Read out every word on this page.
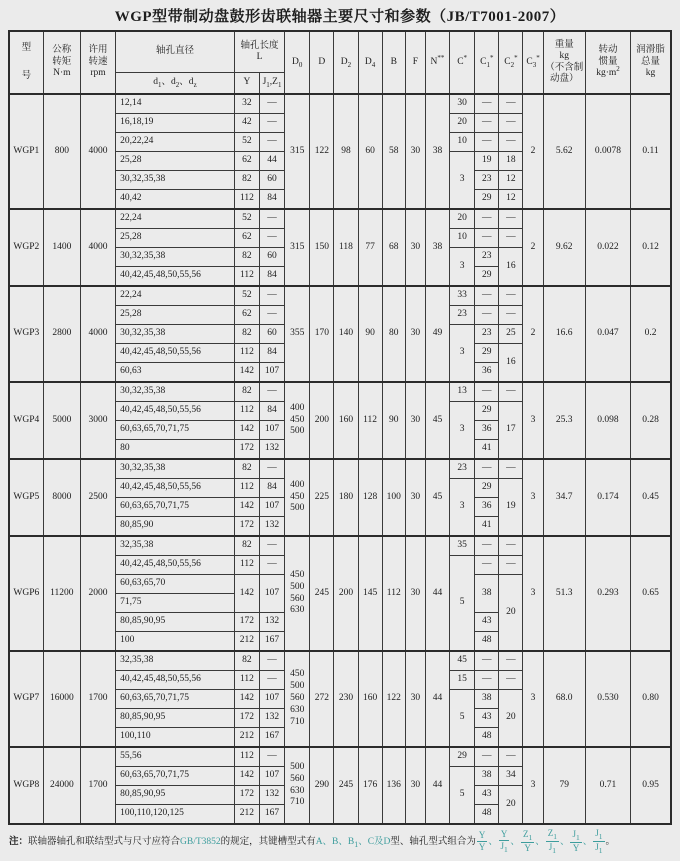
WGP型带制动盘鼓形齿联轴器主要尺寸和参数（JB/T7001-2007）
型
号	公称
转矩
N·m	许用
转速
rpm	轴孔直径	轴孔长度
L		$D_0$	D	$D_2$	$D_4$	B	F	N**	C*	$C_1^*$	$C_2^*$	$C_3^*$	重量
kg
（不含制
动盘）	转动
惯量
$kg\cdot m^2$	润滑脂
总量
kg
			$d_1$、$d_2$、$d_z$	Y	$J_1,Z_1$
WGP1	800	4000	12,14	32	—	315	122	98	60	58	30	38	30	—	—	2	5.62	0.0078	0.11
			16,18,19	42	—								20	—	—				
			20,22,24	52	—								10	—	—				
			25,28	62	44								3	19	18				
			30,32,35,38	82	60									23	12				
			40,42	112	84									29	12				
WGP2	1400	4000	22,24	52	—	315	150	118	77	68	30	38	20	—	—	2	9.62	0.022	0.12
			25,28	62	—								10	—	—				
			30,32,35,38	82	60								3	23	16				
			40,42,45,48,50,55,56	112	84									29					
WGP3	2800	4000	22,24	52	—	355	170	140	90	80	30	49	33	—	—	2	16.6	0.047	0.2
			25,28	62	—								23	—	—				
			30,32,35,38	82	60								3	23	25				
			40,42,45,48,50,55,56	112	84									29	16				
			60,63	142	107									36					
WGP4	5000	3000	30,32,35,38	82	—	400
450
500	200	160	112	90	30	45	13	—	—	3	25.3	0.098	0.28
			40,42,45,48,50,55,56	112	84								3	29	17				
			60,63,65,70,71,75	142	107									36					
			80	172	132									41					
WGP5	8000	2500	30,32,35,38	82	—	400
450
500	225	180	128	100	30	45	23	—	—	3	34.7	0.174	0.45
			40,42,45,48,50,55,56	112	84								3	29	19				
			60,63,65,70,71,75	142	107									36					
			80,85,90	172	132									41					
WGP6	11200	2000	32,35,38	82	—	450
500
560
630	245	200	145	112	30	44	35	—	—	3	51.3	0.293	0.65
			40,42,45,48,50,55,56	112	—								5	—	—				
			60,63,65,70	142	107									38	20				
			71,75																
			80,85,90,95	172	132									43					
			100	212	167									48					
WGP7	16000	1700	32,35,38	82	—	450
500
560
630
710	272	230	160	122	30	44	45	—	—	3	68.0	0.530	0.80
			40,42,45,48,50,55,56	112	—								15	—	—				
			60,63,65,70,71,75	142	107								5	38	20				
			80,85,90,95	172	132									43					
			100,110	212	167									48					
WGP8	24000	1700	55,56	112	—	500
560
630
710	290	245	176	136	30	44	29	—	—	3	79	0.71	0.95
			60,63,65,70,71,75	142	107								5	38	34				
			80,85,90,95	172	132									43	20				
			100,110,120,125	212	167									48					
注：联轴器轴孔和联结型式与尺寸应符合GB/T3852的规定，其键槽型式有A、B、$B_1$、C及D型、轴孔型式组合为 $\frac{Y}{Y}$ 、 $\frac{Y}{J_1}$ 、 $\frac{Z_1}{Y}$ 、 $\frac{Z_1}{J_1}$ 、 $\frac{J_1}{Y}$ 、 $\frac{J_1}{J_1}$ 。
